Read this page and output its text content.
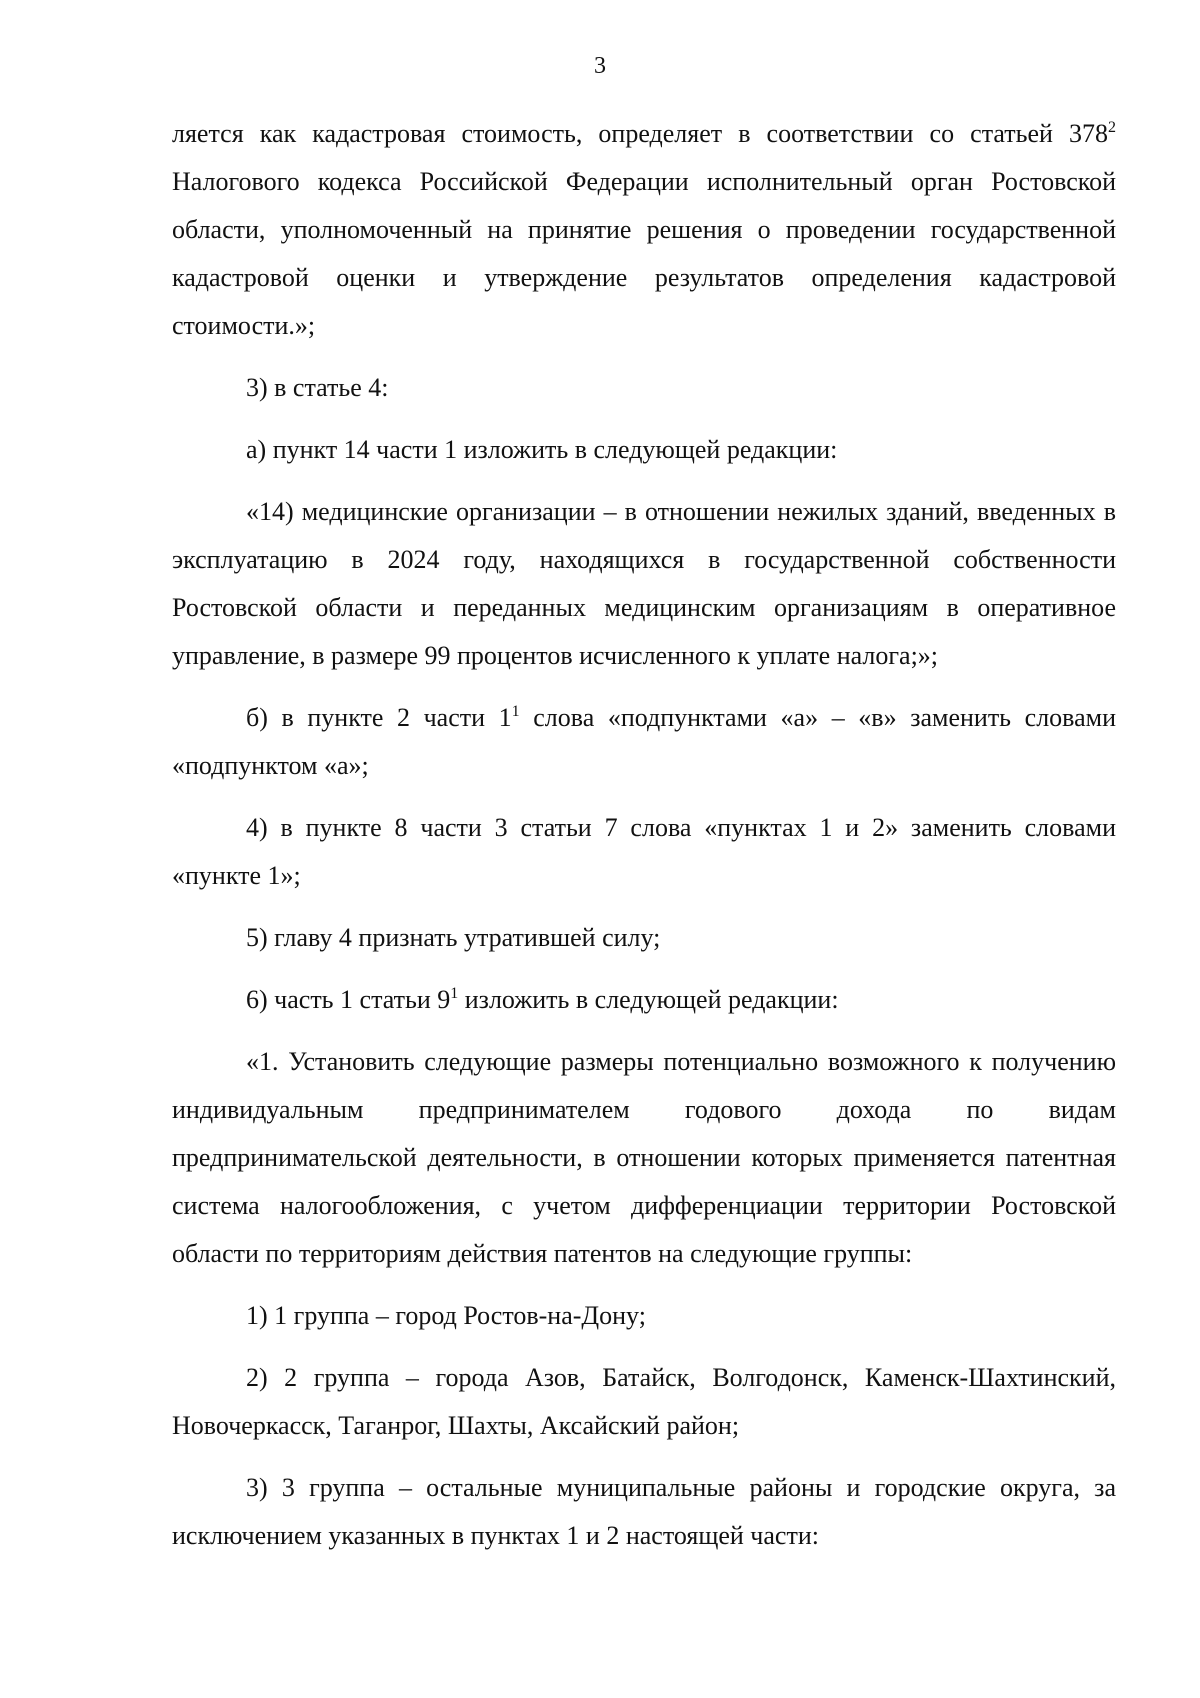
3

ляется как кадастровая стоимость, определяет в соответствии со статьей $378^2$ Налогового кодекса Российской Федерации исполнительный орган Ростовской области, уполномоченный на принятие решения о проведении государственной кадастровой оценки и утверждение результатов определения кадастровой стоимости.»;

3) в статье 4:

а) пункт 14 части 1 изложить в следующей редакции:

«14) медицинские организации – в отношении нежилых зданий, введенных в эксплуатацию в 2024 году, находящихся в государственной собственности Ростовской области и переданных медицинским организациям в оперативное управление, в размере 99 процентов исчисленного к уплате налога;»;

б) в пункте 2 части $1^1$ слова «подпунктами «а» – «в» заменить словами «подпунктом «а»;

4) в пункте 8 части 3 статьи 7 слова «пунктах 1 и 2» заменить словами «пункте 1»;

5) главу 4 признать утратившей силу;

6) часть 1 статьи $9^1$ изложить в следующей редакции:

«1. Установить следующие размеры потенциально возможного к получению индивидуальным предпринимателем годового дохода по видам предпринимательской деятельности, в отношении которых применяется патентная система налогообложения, с учетом дифференциации территории Ростовской области по территориям действия патентов на следующие группы:

1) 1 группа – город Ростов-на-Дону;

2) 2 группа – города Азов, Батайск, Волгодонск, Каменск-Шахтинский, Новочеркасск, Таганрог, Шахты, Аксайский район;

3) 3 группа – остальные муниципальные районы и городские округа, за исключением указанных в пунктах 1 и 2 настоящей части:
